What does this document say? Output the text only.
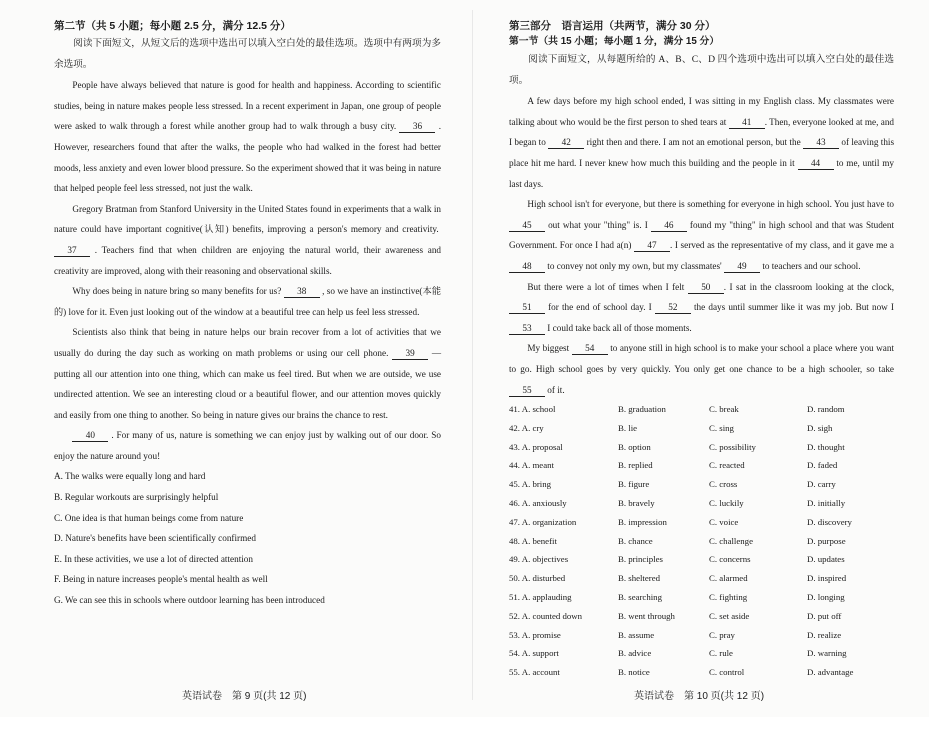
第二节（共 5 小题；每小题 2.5 分，满分 12.5 分）

阅读下面短文，从短文后的选项中选出可以填入空白处的最佳选项。选项中有两项为多余选项。

People have always believed that nature is good for health and happiness. According to scientific studies, being in nature makes people less stressed. In a recent experiment in Japan, one group of people were asked to walk through a forest while another group had to walk through a busy city. 36 . However, researchers found that after the walks, the people who had walked in the forest had better moods, less anxiety and even lower blood pressure. So the experiment showed that it was being in nature that helped people feel less stressed, not just the walk.

Gregory Bratman from Stanford University in the United States found in experiments that a walk in nature could have important cognitive(认知) benefits, improving a person's memory and creativity. 37 . Teachers find that when children are enjoying the natural world, their awareness and creativity are improved, along with their reasoning and observational skills.

Why does being in nature bring so many benefits for us? 38 , so we have an instinctive(本能的) love for it. Even just looking out of the window at a beautiful tree can help us feel less stressed.

Scientists also think that being in nature helps our brain recover from a lot of activities that we usually do during the day such as working on math problems or using our cell phone. 39 — putting all our attention into one thing, which can make us feel tired. But when we are outside, we use undirected attention. We see an interesting cloud or a beautiful flower, and our attention moves quickly and easily from one thing to another. So being in nature gives our brains the chance to rest.

40 . For many of us, nature is something we can enjoy just by walking out of our door. So enjoy the nature around you!

A. The walks were equally long and hard

B. Regular workouts are surprisingly helpful

C. One idea is that human beings come from nature

D. Nature's benefits have been scientifically confirmed

E. In these activities, we use a lot of directed attention

F. Being in nature increases people's mental health as well

G. We can see this in schools where outdoor learning has been introduced

英语试卷　第 9 页(共 12 页)
第三部分　语言运用（共两节，满分 30 分）
第一节（共 15 小题；每小题 1 分，满分 15 分）

阅读下面短文，从每题所给的 A、B、C、D 四个选项中选出可以填入空白处的最佳选项。

A few days before my high school ended, I was sitting in my English class. My classmates were talking about who would be the first person to shed tears at 41 . Then, everyone looked at me, and I began to 42 right then and there. I am not an emotional person, but the 43 of leaving this place hit me hard. I never knew how much this building and the people in it 44 to me, until my last days.

High school isn't for everyone, but there is something for everyone in high school. You just have to 45 out what your "thing" is. I 46 found my "thing" in high school and that was Student Government. For once I had a(n) 47 . I served as the representative of my class, and it gave me a 48 to convey not only my own, but my classmates' 49 to teachers and our school.

But there were a lot of times when I felt 50 . I sat in the classroom looking at the clock, 51 for the end of school day. I 52 the days until summer like it was my job. But now I 53 I could take back all of those moments.

My biggest 54 to anyone still in high school is to make your school a place where you want to go. High school goes by very quickly. You only get one chance to be a high schooler, so take 55 of it.

41. A. school	B. graduation	C. break	D. random
42. A. cry	B. lie	C. sing	D. sigh
43. A. proposal	B. option	C. possibility	D. thought
44. A. meant	B. replied	C. reacted	D. faded
45. A. bring	B. figure	C. cross	D. carry
46. A. anxiously	B. bravely	C. luckily	D. initially
47. A. organization	B. impression	C. voice	D. discovery
48. A. benefit	B. chance	C. challenge	D. purpose
49. A. objectives	B. principles	C. concerns	D. updates
50. A. disturbed	B. sheltered	C. alarmed	D. inspired
51. A. applauding	B. searching	C. fighting	D. longing
52. A. counted down	B. went through	C. set aside	D. put off
53. A. promise	B. assume	C. pray	D. realize
54. A. support	B. advice	C. rule	D. warning
55. A. account	B. notice	C. control	D. advantage
英语试卷　第 10 页(共 12 页)
